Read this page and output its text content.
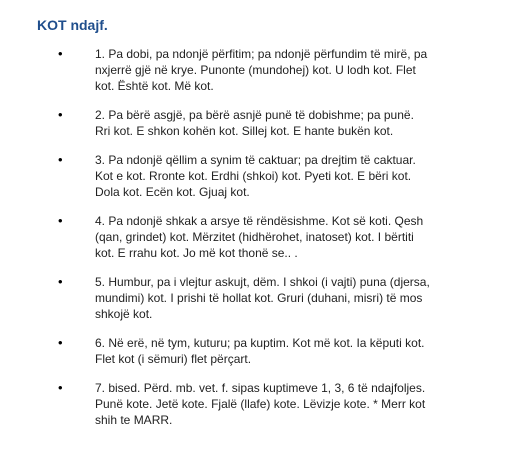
KOT ndajf.
•	1. Pa dobi, pa ndonjë përfitim; pa ndonjë përfundim të mirë, pa nxjerrë gjë në krye. Punonte (mundohej) kot. U lodh kot. Flet kot. Është kot. Më kot.
•	2. Pa bërë asgjë, pa bërë asnjë punë të dobishme; pa punë. Rri kot. E shkon kohën kot. Sillej kot. E hante bukën kot.
•	3. Pa ndonjë qëllim a synim të caktuar; pa drejtim të caktuar. Kot e kot. Rronte kot. Erdhi (shkoi) kot. Pyeti kot. E bëri kot. Dola kot. Ecën kot. Gjuaj kot.
•	4. Pa ndonjë shkak a arsye të rëndësishme. Kot së koti. Qesh (qan, grindet) kot. Mërzitet (hidhërohet, inatoset) kot. I bërtiti kot. E rrahu kot. Jo më kot thonë se.. .
•	5. Humbur, pa i vlejtur askujt, dëm. I shkoi (i vajti) puna (djersa, mundimi) kot. I prishi të hollat kot. Gruri (duhani, misri) të mos shkojë kot.
•	6. Në erë, në tym, kuturu; pa kuptim. Kot më kot. Ia këputi kot. Flet kot (i sëmuri) flet përçart.
•	7. bised. Përd. mb. vet. f. sipas kuptimeve 1, 3, 6 të ndajfoljes. Punë kote. Jetë kote. Fjalë (llafe) kote. Lëvizje kote. * Merr kot shih te MARR.
